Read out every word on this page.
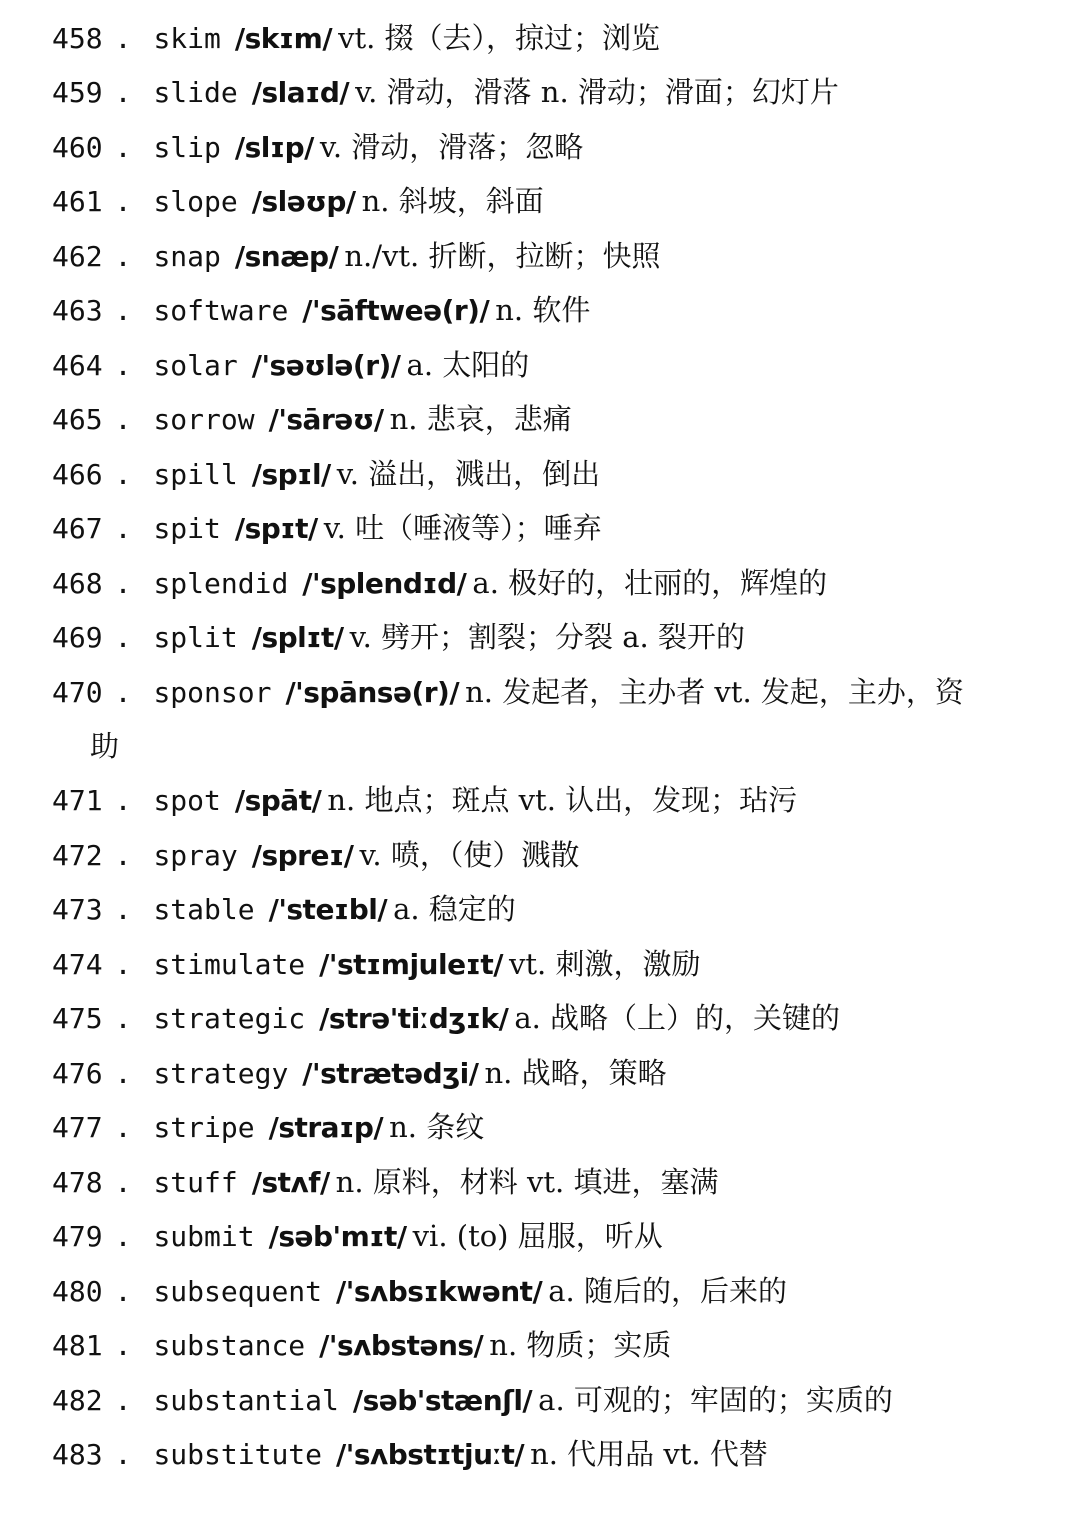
458 . skim /skɪm/ vt. 掇（去），掠过；浏览
459 . slide /slaɪd/ v. 滑动，滑落 n. 滑动；滑面；幻灯片
460 . slip /slɪp/ v. 滑动，滑落；忽略
461 . slope /sləʊp/ n. 斜坡，斜面
462 . snap /snæp/ n./vt. 折断，拉断；快照
463 . software /'sāftweə(r)/ n. 软件
464 . solar /'səʊlə(r)/ a. 太阳的
465 . sorrow /'sārəʊ/ n. 悲哀，悲痛
466 . spill /spɪl/ v. 溢出，溅出，倒出
467 . spit /spɪt/ v. 吐（唾液等）；唾弃
468 . splendid /'splendɪd/ a. 极好的，壮丽的，辉煌的
469 . split /splɪt/ v. 劈开；割裂；分裂 a. 裂开的
470 . sponsor /'spānsə(r)/ n. 发起者，主办者 vt. 发起，主办，资
助
471 . spot /spāt/ n. 地点；斑点 vt. 认出，发现；玷污
472 . spray /spreɪ/ v. 喷，（使）溅散
473 . stable /'steɪbl/ a. 稳定的
474 . stimulate /'stɪmjuleɪt/ vt. 刺激，激励
475 . strategic /strə'tiːdʒɪk/ a. 战略（上）的，关键的
476 . strategy /'strætədʒi/ n. 战略，策略
477 . stripe /straɪp/ n. 条纹
478 . stuff /stʌf/ n. 原料，材料 vt. 填进，塞满
479 . submit /səb'mɪt/ vi. (to) 屈服，听从
480 . subsequent /'sʌbsɪkwənt/ a. 随后的，后来的
481 . substance /'sʌbstəns/ n. 物质；实质
482 . substantial /səb'stænʃl/ a. 可观的；牢固的；实质的
483 . substitute /'sʌbstɪtjuːt/ n. 代用品 vt. 代替
